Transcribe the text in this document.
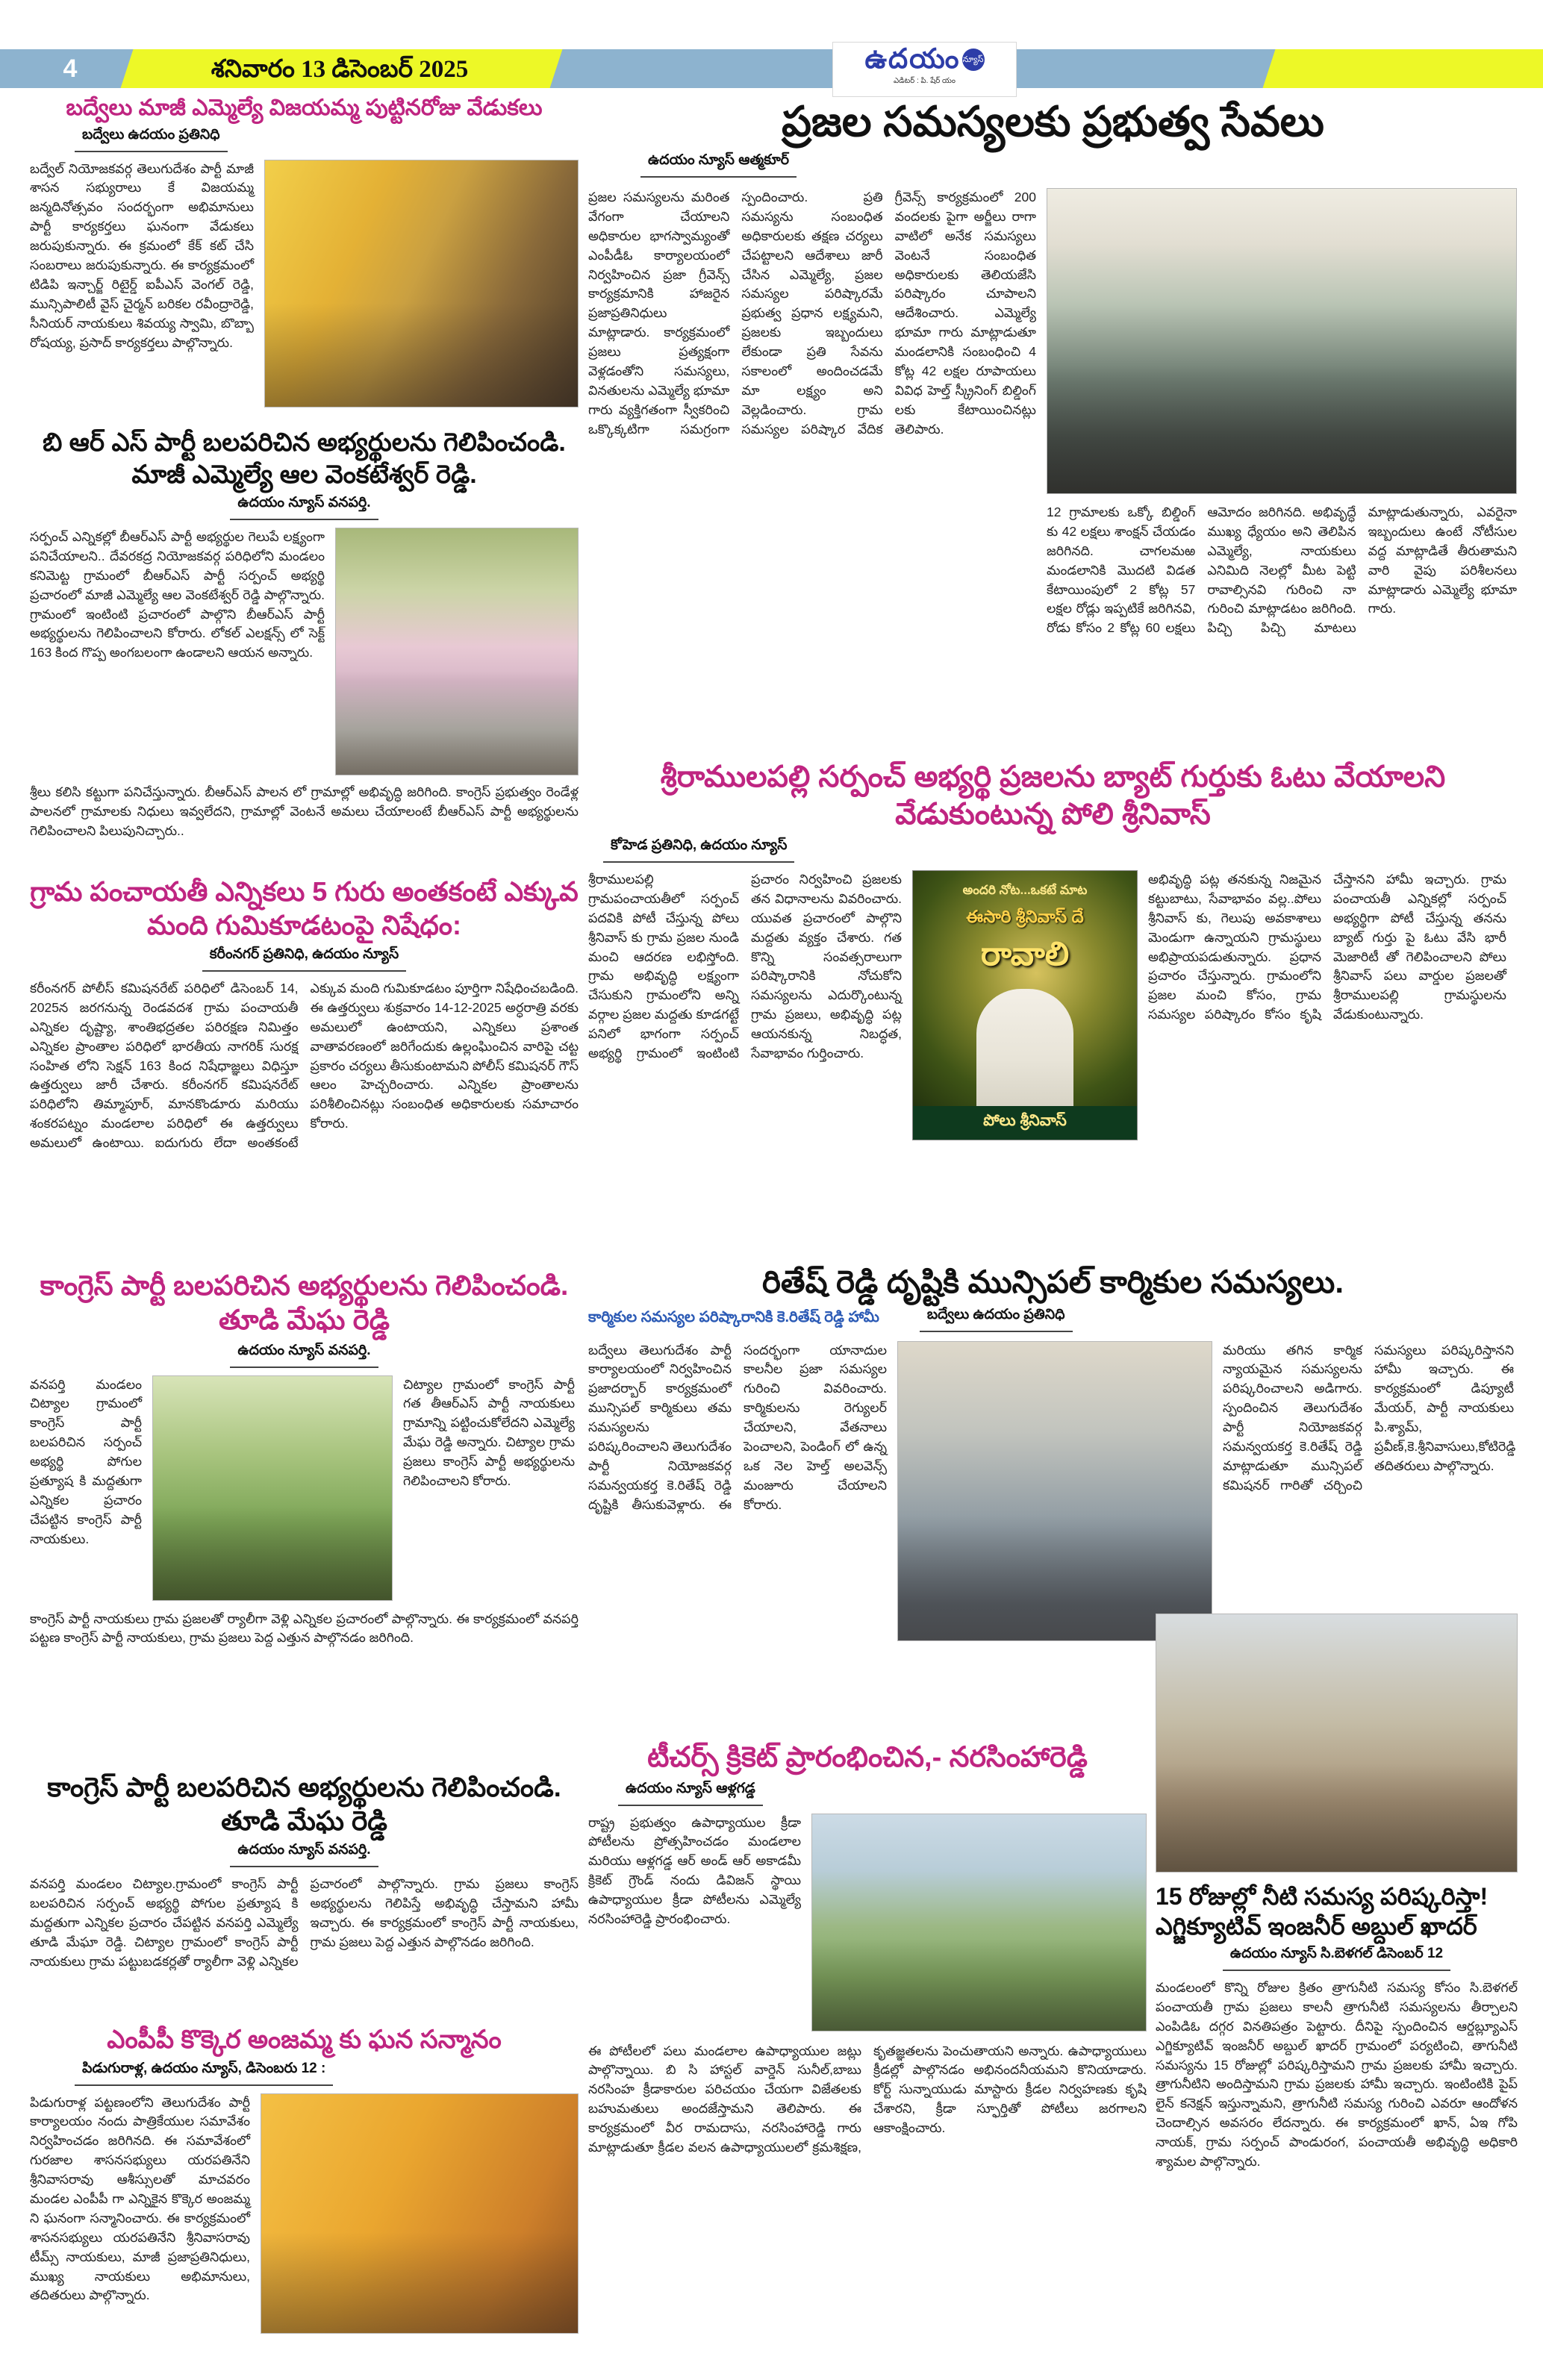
4	శనివారం 13 డిసెంబర్ 2025	ఉదయం న్యూస్
ఎడిటర్ : పి. షేర్ యం
బద్వేలు మాజీ ఎమ్మెల్యే విజయమ్మ పుట్టినరోజు వేడుకలు
బద్వేలు ఉదయం ప్రతినిధి

బద్వేల్ నియోజకవర్గ తెలుగుదేశం పార్టీ మాజీ శాసన సభ్యురాలు కే విజయమ్మ జన్మదినోత్సవం సందర్భంగా అభిమానులు పార్టీ కార్యకర్తలు ఘనంగా వేడుకలు జరుపుకున్నారు. ఈ క్రమంలో కేక్ కట్ చేసి సంబరాలు జరుపుకున్నారు. ఈ కార్యక్రమంలో టిడిపి ఇన్చార్జ్ రిటైర్డ్ ఐపీఎస్ వెంగల్ రెడ్డి, మున్సిపాలిటీ వైస్ చైర్మన్ బరికల రవీంద్రారెడ్డి, సీనియర్ నాయకులు శివయ్య స్వామి, బొబ్బా రోషయ్య, ప్రసాద్ కార్యకర్తలు పాల్గొన్నారు.

ప్రజల సమస్యలకు ప్రభుత్వ సేవలు
ఉదయం న్యూస్ ఆత్మకూర్

ప్రజల సమస్యలను మరింత వేగంగా చేయాలని అధికారుల భాగస్వామ్యంతో ఎంపీడీఓ కార్యాలయంలో నిర్వహించిన ప్రజా గ్రీవెన్స్ కార్యక్రమానికి హాజరైన ప్రజాప్రతినిధులు మాట్లాడారు. కార్యక్రమంలో ప్రజలు ప్రత్యక్షంగా వెళ్లడంతోని సమస్యలు, వినతులను ఎమ్మెల్యే భూమా గారు వ్యక్తిగతంగా స్వీకరించి ఒక్కొక్కటిగా సమగ్రంగా స్పందించారు. ప్రతి సమస్యను సంబంధిత అధికారులకు తక్షణ చర్యలు చేపట్టాలని ఆదేశాలు జారీ చేసిన ఎమ్మెల్యే, ప్రజల సమస్యల పరిష్కారమే ప్రభుత్వ ప్రధాన లక్ష్యమని, ప్రజలకు ఇబ్బందులు లేకుండా ప్రతి సేవను సకాలంలో అందించడమే మా లక్ష్యం అని వెల్లడించారు. గ్రామ సమస్యల పరిష్కార వేదిక గ్రీవెన్స్ కార్యక్రమంలో 200 వందలకు పైగా అర్జీలు రాగా వాటిలో అనేక సమస్యలు వెంటనే సంబంధిత అధికారులకు తెలియజేసి పరిష్కారం చూపాలని ఆదేశించారు. ఎమ్మెల్యే భూమా గారు మాట్లాడుతూ మండలానికి సంబంధించి 4 కోట్ల 42 లక్షల రూపాయలు వివిధ హెల్త్ స్క్రీనింగ్ బిల్డింగ్ లకు కేటాయించినట్లు తెలిపారు.

12 గ్రామాలకు ఒక్కో బిల్డింగ్ కు 42 లక్షలు శాంక్షన్ చేయడం జరిగినది. చాగలమఱ మండలానికి మొదటి విడత కేటాయింపులో 2 కోట్ల 57 లక్షల రోడ్లు ఇప్పటికే జరిగినవి, రోడు కోసం 2 కోట్ల 60 లక్షలు ఆమోదం జరిగినది. అభివృద్ధే ముఖ్య ధ్యేయం అని తెలిపిన ఎమ్మెల్యే, నాయకులు ఎనిమిది నెలల్లో మీట పెట్టి రావాల్సినవి గురించి నా గురించి మాట్లాడటం జరిగింది. పిచ్చి పిచ్చి మాటలు మాట్లాడుతున్నారు, ఎవరైనా ఇబ్బందులు ఉంటే నోటీసుల వద్ద మాట్లాడితే తీరుతామని వారి వైపు పరిశీలనలు మాట్లాడారు ఎమ్మెల్యే భూమా గారు.

బి ఆర్ ఎస్ పార్టీ బలపరిచిన అభ్యర్థులను గెలిపించండి. మాజీ ఎమ్మెల్యే ఆల వెంకటేశ్వర్ రెడ్డి.
ఉదయం న్యూస్ వనపర్తి.

సర్పంచ్ ఎన్నికల్లో బీఆర్ఎస్ పార్టీ అభ్యర్థుల గెలుపే లక్ష్యంగా పనిచేయాలని.. దేవరకద్ర నియోజకవర్గ పరిధిలోని మండలం కనిమెట్ట గ్రామంలో బీఆర్ఎస్ పార్టీ సర్పంచ్ అభ్యర్థి ప్రచారంలో మాజీ ఎమ్మెల్యే ఆల వెంకటేశ్వర్ రెడ్డి పాల్గొన్నారు. గ్రామంలో ఇంటింటి ప్రచారంలో పాల్గొని బీఆర్ఎస్ పార్టీ అభ్యర్థులను గెలిపించాలని కోరారు. లోకల్ ఎలక్షన్స్ లో సెక్ట్ 163 కింద గొప్ప అంగబలంగా ఉండాలని ఆయన అన్నారు.

శ్రీలు కలిసి కట్టుగా పనిచేస్తున్నారు. బీఆర్ఎస్ పాలన లో గ్రామాల్లో అభివృద్ధి జరిగింది. కాంగ్రెస్ ప్రభుత్వం రెండేళ్ల పాలనలో గ్రామాలకు నిధులు ఇవ్వలేదని, గ్రామాల్లో వెంటనే అమలు చేయాలంటే బీఆర్ఎస్ పార్టీ అభ్యర్థులను గెలిపించాలని పిలుపునిచ్చారు..

గ్రామ పంచాయతీ ఎన్నికలు 5 గురు అంతకంటే ఎక్కువ మంది గుమికూడటంపై నిషేధం:
కరీంనగర్ ప్రతినిధి, ఉదయం న్యూస్

కరీంనగర్ పోలీస్ కమిషనరేట్ పరిధిలో డిసెంబర్ 14, 2025న జరగనున్న రెండవదశ గ్రామ పంచాయతీ ఎన్నికల దృష్ట్యా, శాంతిభద్రతల పరిరక్షణ నిమిత్తం ఎన్నికల ప్రాంతాల పరిధిలో భారతీయ నాగరిక్ సురక్ష సంహిత లోని సెక్షన్ 163 కింద నిషేధాజ్ఞలు విధిస్తూ ఉత్తర్వులు జారీ చేశారు. కరీంనగర్ కమిషనరేట్ పరిధిలోని తిమ్మాపూర్, మానకొండూరు మరియు శంకరపట్నం మండలాల పరిధిలో ఈ ఉత్తర్వులు అమలులో ఉంటాయి. ఐదుగురు లేదా అంతకంటే ఎక్కువ మంది గుమికూడటం పూర్తిగా నిషేధించబడింది. ఈ ఉత్తర్వులు శుక్రవారం 14-12-2025 అర్ధరాత్రి వరకు అమలులో ఉంటాయని, ఎన్నికలు ప్రశాంత వాతావరణంలో జరిగేందుకు ఉల్లంఘించిన వారిపై చట్ట ప్రకారం చర్యలు తీసుకుంటామని పోలీస్ కమిషనర్ గౌస్ ఆలం హెచ్చరించారు. ఎన్నికల ప్రాంతాలను పరిశీలించినట్లు సంబంధిత అధికారులకు సమాచారం కోరారు.

శ్రీరాములపల్లి సర్పంచ్ అభ్యర్థి ప్రజలను బ్యాట్ గుర్తుకు ఓటు వేయాలని వేడుకుంటున్న పోలి శ్రీనివాస్
కోహెడ ప్రతినిధి, ఉదయం న్యూస్

శ్రీరాములపల్లి గ్రామపంచాయతీలో సర్పంచ్ పదవికి పోటీ చేస్తున్న పోలు శ్రీనివాస్ కు గ్రామ ప్రజల నుండి మంచి ఆదరణ లభిస్తోంది. గ్రామ అభివృద్ధి లక్ష్యంగా చేసుకుని గ్రామంలోని అన్ని వర్గాల ప్రజల మద్దతు కూడగట్టే పనిలో భాగంగా సర్పంచ్ అభ్యర్థి గ్రామంలో ఇంటింటి ప్రచారం నిర్వహించి ప్రజలకు తన విధానాలను వివరించారు. యువత ప్రచారంలో పాల్గొని మద్దతు వ్యక్తం చేశారు. గత కొన్ని సంవత్సరాలుగా పరిష్కారానికి నోచుకోని సమస్యలను ఎదుర్కొంటున్న గ్రామ ప్రజలు, అభివృద్ధి పట్ల ఆయనకున్న నిబద్ధత, సేవాభావం గుర్తించారు.

అందరి నోట...ఒకటే మాట
ఈసారి శ్రీనివాస్ దే
రావాలి
పోలు శ్రీనివాస్

అభివృద్ధి పట్ల తనకున్న నిజమైన కట్టుబాటు, సేవాభావం వల్ల..పోలు శ్రీనివాస్ కు, గెలుపు అవకాశాలు మెండుగా ఉన్నాయని గ్రామస్థులు అభిప్రాయపడుతున్నారు. ప్రధాన ప్రచారం చేస్తున్నారు. గ్రామంలోని ప్రజల మంచి కోసం, గ్రామ సమస్యల పరిష్కారం కోసం కృషి చేస్తానని హామీ ఇచ్చారు. గ్రామ పంచాయతీ ఎన్నికల్లో సర్పంచ్ అభ్యర్థిగా పోటీ చేస్తున్న తనను బ్యాట్ గుర్తు పై ఓటు వేసి భారీ మెజారిటీ తో గెలిపించాలని పోలు శ్రీనివాస్ పలు వార్డుల ప్రజలతో శ్రీరాములపల్లి గ్రామస్థులను వేడుకుంటున్నారు.

రితేష్ రెడ్డి దృష్టికి మున్సిపల్ కార్మికుల సమస్యలు.
కార్మికుల సమస్యల పరిష్కారానికి కె.రితేష్ రెడ్డి హామీ	బద్వేలు ఉదయం ప్రతినిధి

బద్వేలు తెలుగుదేశం పార్టీ కార్యాలయంలో నిర్వహించిన ప్రజాదర్బార్ కార్యక్రమంలో మున్సిపల్ కార్మికులు తమ సమస్యలను పరిష్కరించాలని తెలుగుదేశం పార్టీ నియోజకవర్గ సమన్వయకర్త కె.రితేష్ రెడ్డి దృష్టికి తీసుకువెళ్లారు. ఈ సందర్భంగా యానాదుల కాలనీల ప్రజా సమస్యల గురించి వివరించారు. కార్మికులను రెగ్యులర్ చేయాలని, వేతనాలు పెంచాలని, పెండింగ్ లో ఉన్న ఒక నెల హెల్త్ అలవెన్స్ మంజూరు చేయాలని కోరారు.

మరియు తగిన కార్మిక న్యాయమైన సమస్యలను పరిష్కరించాలని అడిగారు. స్పందించిన తెలుగుదేశం పార్టీ నియోజకవర్గ సమన్వయకర్త కె.రితేష్ రెడ్డి మాట్లాడుతూ మున్సిపల్ కమిషనర్ గారితో చర్చించి సమస్యలు పరిష్కరిస్తానని హామీ ఇచ్చారు. ఈ కార్యక్రమంలో డిప్యూటీ మేయర్, పార్టీ నాయకులు పి.శ్యామ్, ప్రవీణ్,కె.శ్రీనివాసులు,కోటిరెడ్డి తదితరులు పాల్గొన్నారు.

కాంగ్రెస్ పార్టీ బలపరిచిన అభ్యర్థులను గెలిపించండి. తూడి మేఘ రెడ్డి
ఉదయం న్యూస్ వనపర్తి.

వనపర్తి మండలం చిట్యాల గ్రామంలో కాంగ్రెస్ పార్టీ బలపరిచిన సర్పంచ్ అభ్యర్థి పోగుల ప్రత్యూష కి మద్దతుగా ఎన్నికల ప్రచారం చేపట్టిన కాంగ్రెస్ పార్టీ నాయకులు.

చిట్యాల గ్రామంలో కాంగ్రెస్ పార్టీ గత తీఆర్ఎస్ పార్టీ నాయకులు గ్రామాన్ని పట్టించుకోలేదని ఎమ్మెల్యే మేఘ రెడ్డి అన్నారు. చిట్యాల గ్రామ ప్రజలు కాంగ్రెస్ పార్టీ అభ్యర్థులను గెలిపించాలని కోరారు.

కాంగ్రెస్ పార్టీ నాయకులు గ్రామ ప్రజలతో ర్యాలీగా వెళ్లి ఎన్నికల ప్రచారంలో పాల్గొన్నారు. ఈ కార్యక్రమంలో వనపర్తి పట్టణ కాంగ్రెస్ పార్టీ నాయకులు, గ్రామ ప్రజలు పెద్ద ఎత్తున పాల్గొనడం జరిగింది.

కాంగ్రెస్ పార్టీ బలపరిచిన అభ్యర్థులను గెలిపించండి. తూడి మేఘ రెడ్డి
ఉదయం న్యూస్ వనపర్తి.

వనపర్తి మండలం చిట్యాల.గ్రామంలో కాంగ్రెస్ పార్టీ బలపరిచిన సర్పంచ్ అభ్యర్థి పోగుల ప్రత్యూష కి మద్దతుగా ఎన్నికల ప్రచారం చేపట్టిన వనపర్తి ఎమ్మెల్యే తూడి మేఘా రెడ్డి. చిట్యాల గ్రామంలో కాంగ్రెస్ పార్టీ నాయకులు గ్రామ పట్టుబడకర్లతో ర్యాలీగా వెళ్లి ఎన్నికల ప్రచారంలో పాల్గొన్నారు. గ్రామ ప్రజలు కాంగ్రెస్ అభ్యర్థులను గెలిపిస్తే అభివృద్ధి చేస్తామని హామీ ఇచ్చారు. ఈ కార్యక్రమంలో కాంగ్రెస్ పార్టీ నాయకులు, గ్రామ ప్రజలు పెద్ద ఎత్తున పాల్గొనడం జరిగింది.

టీచర్స్ క్రికెట్ ప్రారంభించిన,- నరసింహారెడ్డి
ఉదయం న్యూస్ ఆళ్లగడ్డ

రాష్ట్ర ప్రభుత్వం ఉపాధ్యాయుల క్రీడా పోటీలను ప్రోత్సహించడం మండలాల మరియు ఆళ్లగడ్డ ఆర్ అండ్ ఆర్ అకాడమీ క్రికెట్ గ్రౌండ్ నందు డివిజన్ స్థాయి ఉపాధ్యాయుల క్రీడా పోటీలను ఎమ్మెల్యే నరసింహారెడ్డి ప్రారంభించారు.

ఈ పోటీలలో పలు మండలాల ఉపాధ్యాయుల జట్లు పాల్గొన్నాయి. బి సి హాస్టల్ వార్డెన్ సునీల్,బాబు నరసింహ క్రీడాకారుల పరిచయం చేయగా విజేతలకు బహుమతులు అందజేస్తామని తెలిపారు. ఈ కార్యక్రమంలో వీర రామదాసు, నరసింహారెడ్డి గారు మాట్లాడుతూ క్రీడల వలన ఉపాధ్యాయులలో క్రమశిక్షణ, కృతజ్ఞతలను పెంచుతాయని అన్నారు. ఉపాధ్యాయులు క్రీడల్లో పాల్గొనడం అభినందనీయమని కొనియాడారు. కోర్ట్ సున్నాయుడు మాస్టారు క్రీడల నిర్వహణకు కృషి చేశారని, క్రీడా స్ఫూర్తితో పోటీలు జరగాలని ఆకాంక్షించారు.

15 రోజుల్లో నీటి సమస్య పరిష్కరిస్తా! ఎగ్జిక్యూటివ్ ఇంజనీర్ అబ్దుల్ ఖాదర్
ఉదయం న్యూస్ సి.బెళగల్ డిసెంబర్ 12

మండలంలో కొన్ని రోజుల క్రితం త్రాగునీటి సమస్య కోసం సి.బెళగల్ పంచాయతీ గ్రామ ప్రజలు కాలనీ త్రాగునీటి సమస్యలను తీర్చాలని ఎంపిడిఓ దగ్గర వినతిపత్రం పెట్టారు. దీనిపై స్పందించిన ఆర్డబ్ల్యూఎస్ ఎగ్జిక్యూటివ్ ఇంజనీర్ అబ్దుల్ ఖాదర్ గ్రామంలో పర్యటించి, తాగునీటి సమస్యను 15 రోజుల్లో పరిష్కరిస్తామని గ్రామ ప్రజలకు హామీ ఇచ్చారు. త్రాగునీటిని అందిస్తామని గ్రామ ప్రజలకు హామీ ఇచ్చారు. ఇంటింటికి పైప్ లైన్ కనెక్షన్ ఇస్తున్నామని, త్రాగునీటి సమస్య గురించి ఎవరూ ఆందోళన చెందాల్సిన అవసరం లేదన్నారు. ఈ కార్యక్రమంలో ఖాన్, ఏఇ గోపి నాయక్, గ్రామ సర్పంచ్ పాండురంగ, పంచాయతీ అభివృద్ధి అధికారి శ్యామల పాల్గొన్నారు.

ఎంపీపీ కొక్కెర అంజమ్మ కు ఘన సన్మానం
పిడుగురాళ్ల, ఉదయం న్యూస్, డిసెంబరు 12 :

పిడుగురాళ్ల పట్టణంలోని తెలుగుదేశం పార్టీ కార్యాలయం నందు పాత్రికేయుల సమావేశం నిర్వహించడం జరిగినది. ఈ సమావేశంలో గురజాల శాసనసభ్యులు యరపతినేని శ్రీనివాసరావు ఆశీస్సులతో మాచవరం మండల ఎంపీపీ గా ఎన్నికైన కొక్కెర అంజమ్మ ని ఘనంగా సన్మానించారు. ఈ కార్యక్రమంలో శాసనసభ్యులు యరపతినేని శ్రీనివాసరావు టీమ్స్ నాయకులు, మాజీ ప్రజాప్రతినిధులు, ముఖ్య నాయకులు అభిమానులు, తదితరులు పాల్గొన్నారు.
